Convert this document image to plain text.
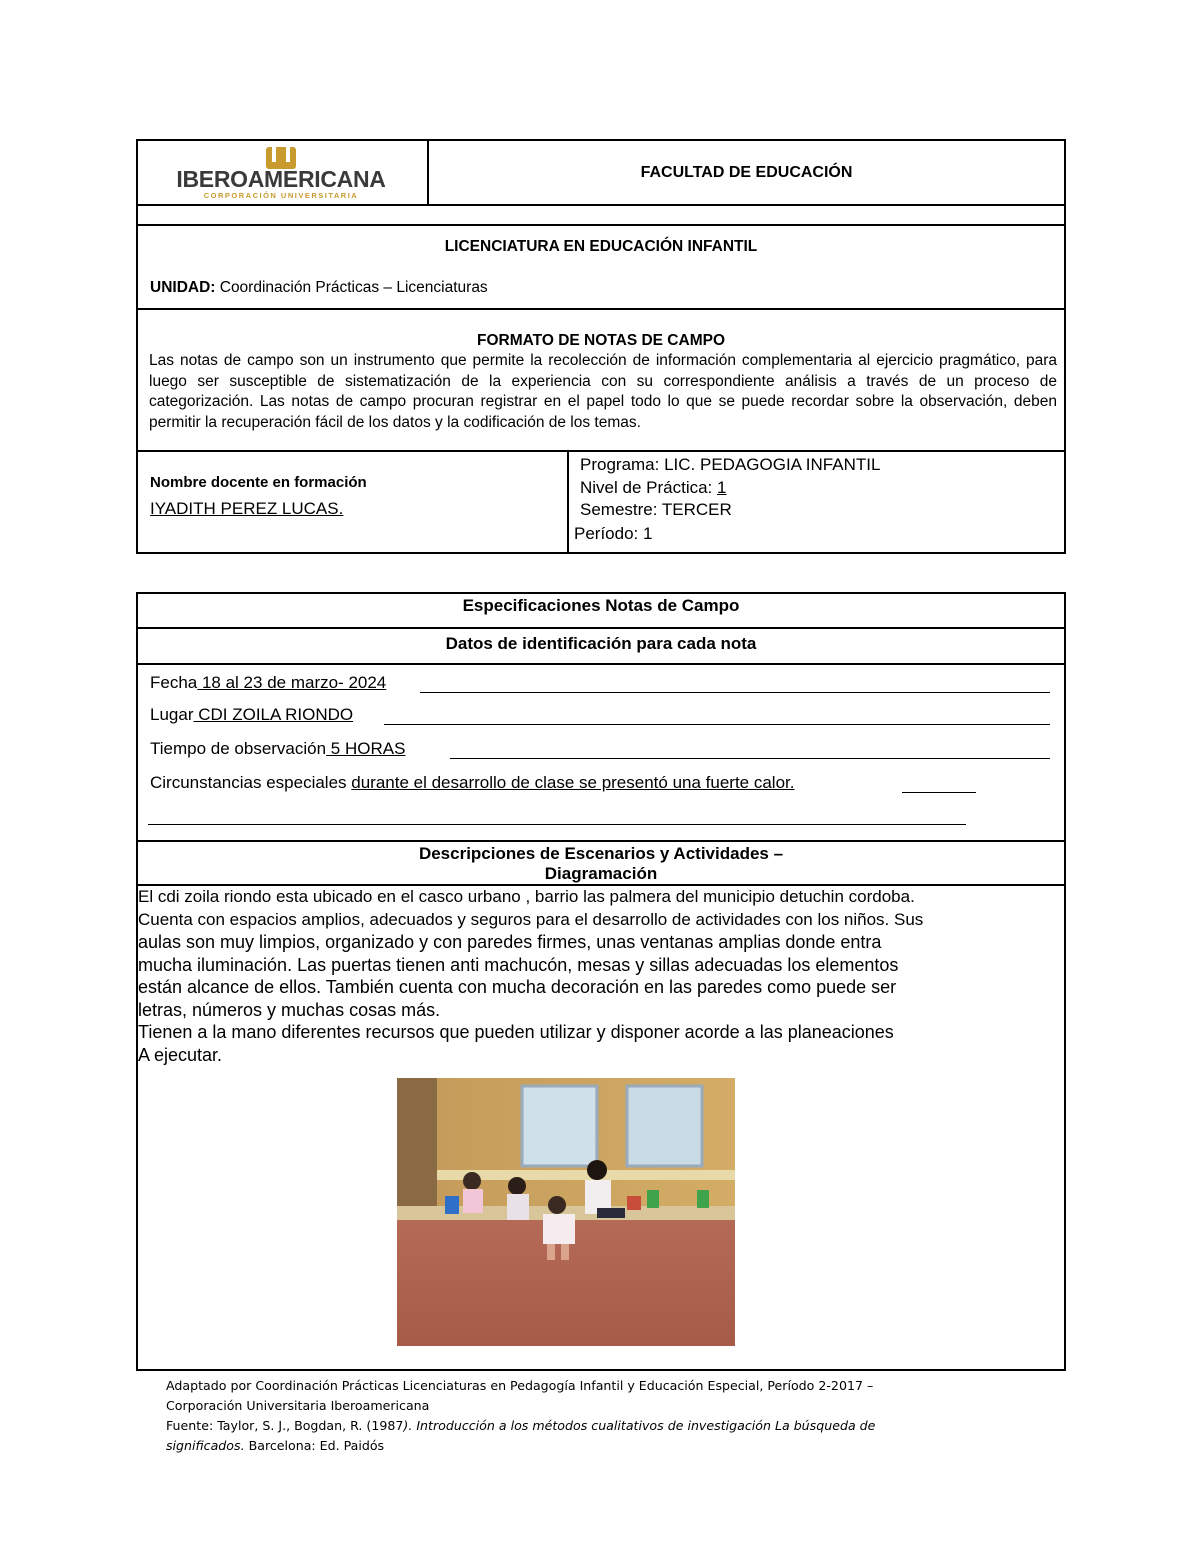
IBEROAMERICANA
CORPORACIÓN UNIVERSITARIA
FACULTAD DE EDUCACIÓN
LICENCIATURA EN EDUCACIÓN INFANTIL
UNIDAD: Coordinación Prácticas – Licenciaturas
FORMATO DE NOTAS DE CAMPO
Las notas de campo son un instrumento que permite la recolección de información complementaria al ejercicio pragmático, para luego ser susceptible de sistematización de la experiencia con su correspondiente análisis a través de un proceso de categorización. Las notas de campo procuran registrar en el papel todo lo que se puede recordar sobre la observación, deben permitir la recuperación fácil de los datos y la codificación de los temas.
Nombre docente en formación
IYADITH PEREZ LUCAS.
Programa: LIC. PEDAGOGIA INFANTIL
Nivel de Práctica: 1
Semestre: TERCER
Período: 1
Especificaciones Notas de Campo
Datos de identificación para cada nota
Fecha 18 al 23 de marzo- 2024
Lugar CDI ZOILA RIONDO
Tiempo de observación 5 HORAS
Circunstancias especiales durante el desarrollo de clase se presentó una fuerte calor.
Descripciones de Escenarios y Actividades –
Diagramación
El cdi zoila riondo esta ubicado en el casco urbano , barrio las palmera del municipio detuchin cordoba.
Cuenta con espacios amplios, adecuados y seguros para el desarrollo de actividades con los niños. Sus
aulas son muy limpios, organizado y con paredes firmes, unas ventanas amplias donde entra
mucha iluminación. Las puertas tienen anti machucón, mesas y sillas adecuadas los elementos
están alcance de ellos. También cuenta con mucha decoración en las paredes como puede ser
letras, números y muchas cosas más.
Tienen a la mano diferentes recursos que pueden utilizar y disponer acorde a las planeaciones
A ejecutar.
Adaptado por Coordinación Prácticas Licenciaturas en Pedagogía Infantil y Educación Especial, Período 2-2017 –
Corporación Universitaria Iberoamericana
Fuente: Taylor, S. J., Bogdan, R. (1987). Introducción a los métodos cualitativos de investigación La búsqueda de
significados. Barcelona: Ed. Paidós
